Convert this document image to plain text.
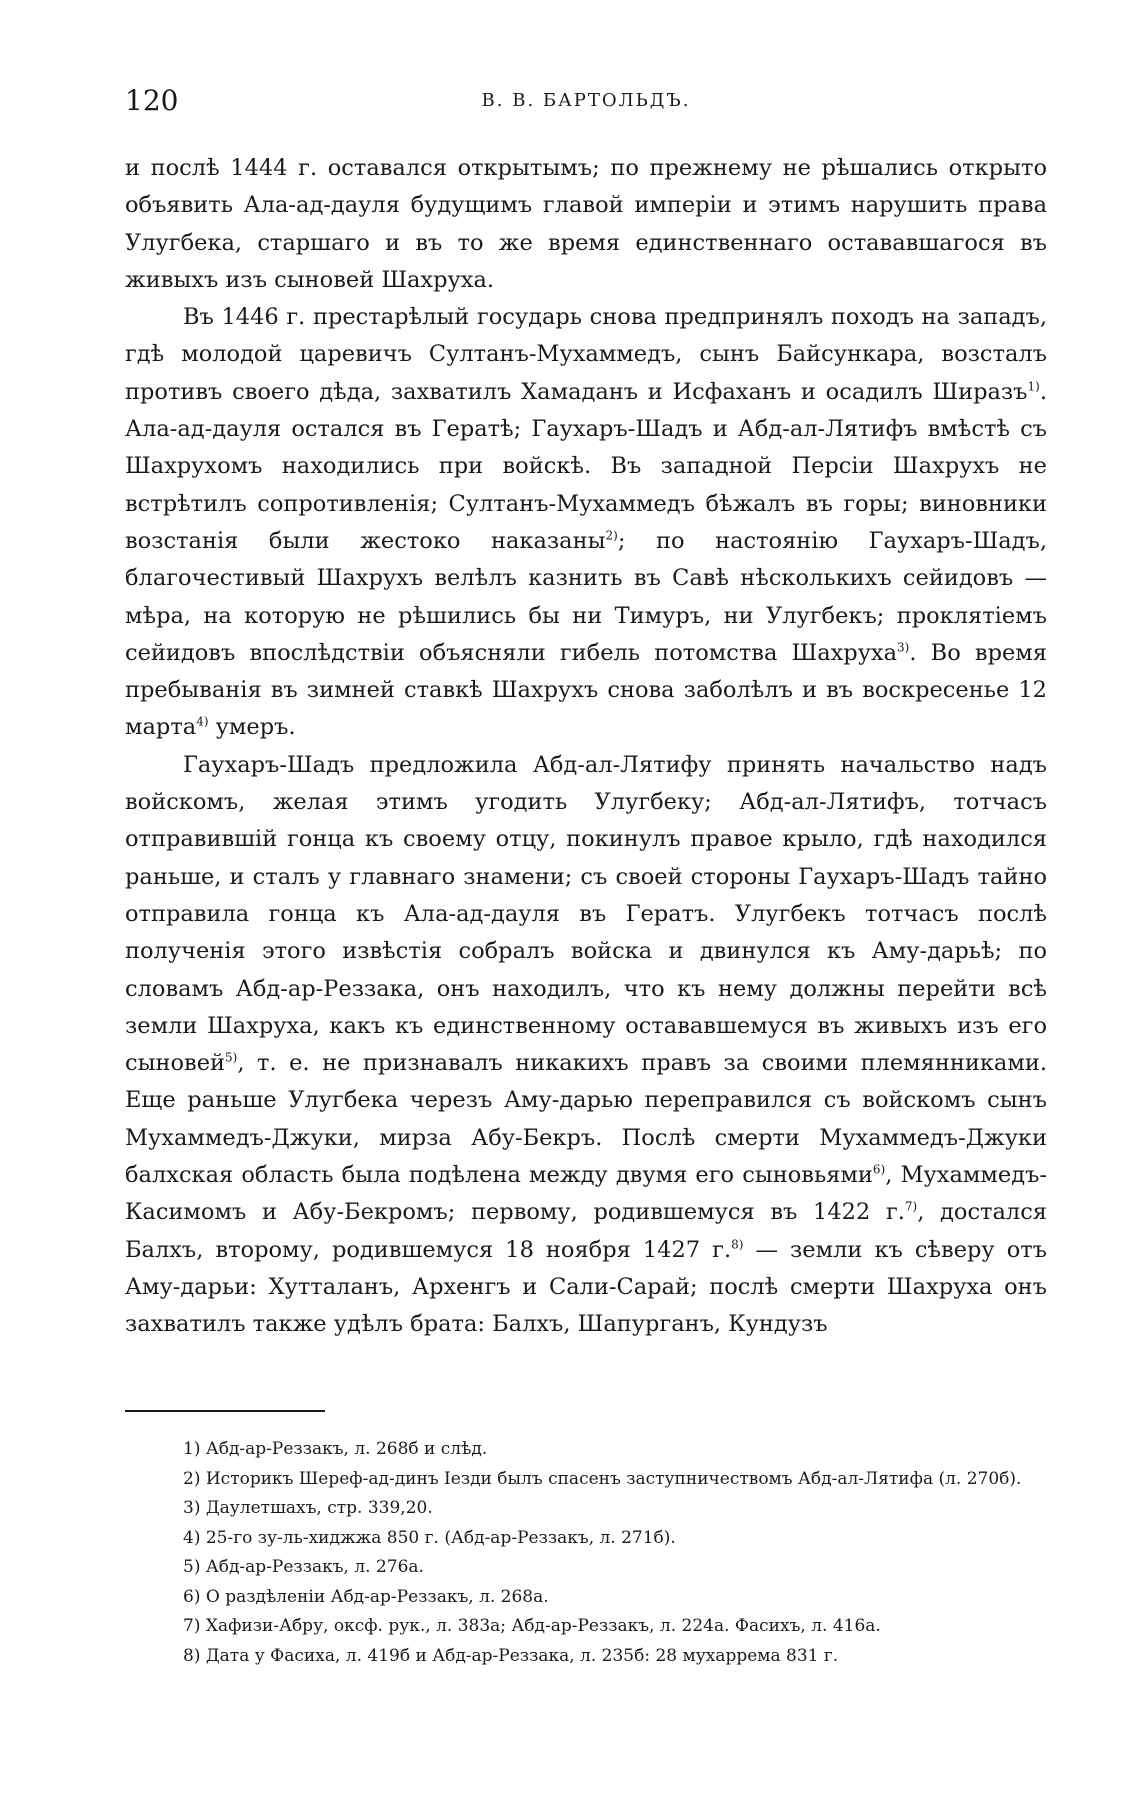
120	В. В. БАРТОЛЬДЪ.

и послѣ 1444 г. оставался открытымъ; по прежнему не рѣшались открыто объявить Ала-ад-дауля будущимъ главой имперіи и этимъ нарушить права Улугбека, старшаго и въ то же время единственнаго остававшагося въ живыхъ изъ сыновей Шахруха.

Въ 1446 г. престарѣлый государь снова предпринялъ походъ на западъ, гдѣ молодой царевичъ Султанъ-Мухаммедъ, сынъ Байсункара, возсталъ противъ своего дѣда, захватилъ Хамаданъ и Исфаханъ и осадилъ Ширазъ$^{1)}$. Ала-ад-дауля остался въ Гератѣ; Гаухаръ-Шадъ и Абд-ал-Лятифъ вмѣстѣ съ Шахрухомъ находились при войскѣ. Въ западной Персіи Шахрухъ не встрѣтилъ сопротивленія; Султанъ-Мухаммедъ бѣжалъ въ горы; виновники возстанія были жестоко наказаны$^{2)}$; по настоянію Гаухаръ-Шадъ, благочестивый Шахрухъ велѣлъ казнить въ Савѣ нѣсколькихъ сейидовъ — мѣра, на которую не рѣшились бы ни Тимуръ, ни Улугбекъ; проклятіемъ сейидовъ впослѣдствіи объясняли гибель потомства Шахруха$^{3)}$. Во время пребыванія въ зимней ставкѣ Шахрухъ снова заболѣлъ и въ воскресенье 12 марта$^{4)}$ умеръ.

Гаухаръ-Шадъ предложила Абд-ал-Лятифу принять начальство надъ войскомъ, желая этимъ угодить Улугбеку; Абд-ал-Лятифъ, тотчасъ отправившій гонца къ своему отцу, покинулъ правое крыло, гдѣ находился раньше, и сталъ у главнаго знамени; съ своей стороны Гаухаръ-Шадъ тайно отправила гонца къ Ала-ад-дауля въ Гератъ. Улугбекъ тотчасъ послѣ полученія этого извѣстія собралъ войска и двинулся къ Аму-дарьѣ; по словамъ Абд-ар-Реззака, онъ находилъ, что къ нему должны перейти всѣ земли Шахруха, какъ къ единственному остававшемуся въ живыхъ изъ его сыновей$^{5)}$, т. е. не признавалъ никакихъ правъ за своими племянниками. Еще раньше Улугбека черезъ Аму-дарью переправился съ войскомъ сынъ Мухаммедъ-Джуки, мирза Абу-Бекръ. Послѣ смерти Мухаммедъ-Джуки балхская область была подѣлена между двумя его сыновьями$^{6)}$, Мухаммедъ-Касимомъ и Абу-Бекромъ; первому, родившемуся въ 1422 г.$^{7)}$, достался Балхъ, второму, родившемуся 18 ноября 1427 г.$^{8)}$ — земли къ сѣверу отъ Аму-дарьи: Хутталанъ, Архенгъ и Сали-Сарай; послѣ смерти Шахруха онъ захватилъ также удѣлъ брата: Балхъ, Шапурганъ, Кундузъ

1) Абд-ар-Реззакъ, л. 268б и слѣд.

2) Историкъ Шереф-ад-динъ Іезди былъ спасенъ заступничествомъ Абд-ал-Лятифа (л. 270б).

3) Даулетшахъ, стр. 339,20.

4) 25-го зу-ль-хиджжа 850 г. (Абд-ар-Реззакъ, л. 271б).

5) Абд-ар-Реззакъ, л. 276а.

6) О раздѣленіи Абд-ар-Реззакъ, л. 268а.

7) Хафизи-Абру, оксф. рук., л. 383а; Абд-ар-Реззакъ, л. 224а. Фасихъ, л. 416а.

8) Дата у Фасиха, л. 419б и Абд-ар-Реззака, л. 235б: 28 мухаррема 831 г.
